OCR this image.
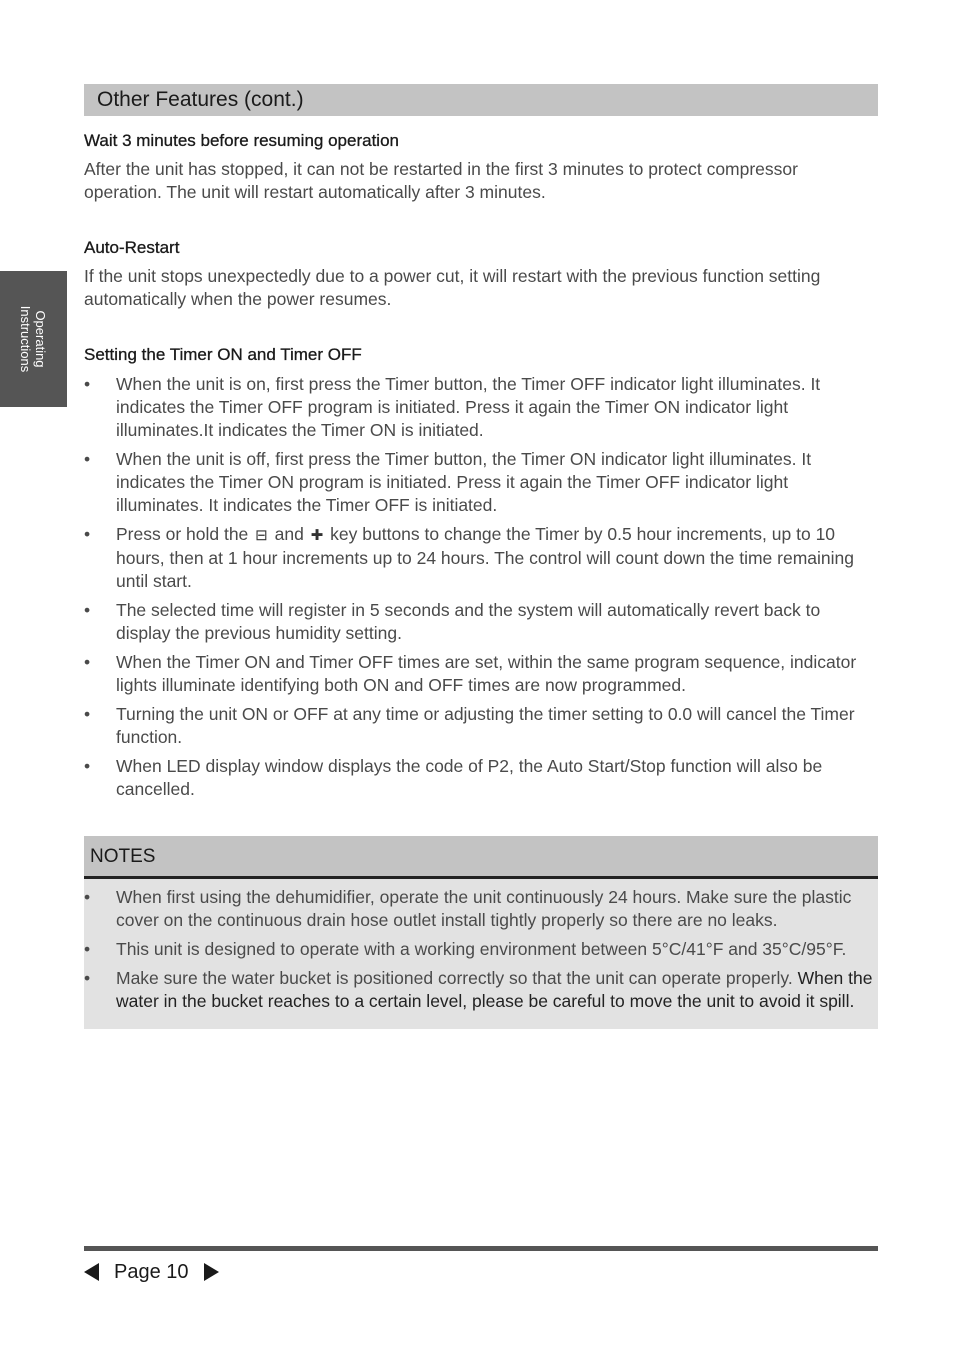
Operating
Instructions
Other Features (cont.)
Wait 3 minutes before resuming operation

After the unit has stopped, it can not be restarted in the first 3 minutes to protect compressor operation. The unit will restart automatically after 3 minutes.

Auto-Restart

If the unit stops unexpectedly due to a power cut, it will restart with the previous function setting automatically when the power resumes.

Setting the Timer ON and Timer OFF
•	When the unit is on, first press the Timer button, the Timer OFF indicator light illuminates. It indicates the Timer OFF program is initiated. Press it again the Timer ON indicator light illuminates.It indicates the Timer ON is initiated.
•	When the unit is off, first press the Timer button, the Timer ON indicator light illuminates. It indicates the Timer ON program is initiated. Press it again the Timer OFF indicator light illuminates. It indicates the Timer OFF is initiated.
•	Press or hold the ⊟ and ✚ key buttons to change the Timer by 0.5 hour increments, up to 10 hours, then at 1 hour increments up to 24 hours. The control will count down the time remaining until start.
•	The selected time will register in 5 seconds and the system will automatically revert back to display the previous humidity setting.
•	When the Timer ON and Timer OFF times are set, within the same program sequence, indicator lights illuminate identifying both ON and OFF times are now programmed.
•	Turning the unit ON or OFF at any time or adjusting the timer setting to 0.0 will cancel the Timer function.
•	When LED display window displays the code of P2, the Auto Start/Stop function will also be cancelled.
NOTES
•	When first using the dehumidifier, operate the unit continuously 24 hours. Make sure the plastic cover on the continuous drain hose outlet install tightly properly so there are no leaks.
•	This unit is designed to operate with a working environment between 5°C/41°F and 35°C/95°F.
•	Make sure the water bucket is positioned correctly so that the unit can operate properly. When the water in the bucket reaches to a certain level, please be careful to move the unit to avoid it spill.
Page 10
